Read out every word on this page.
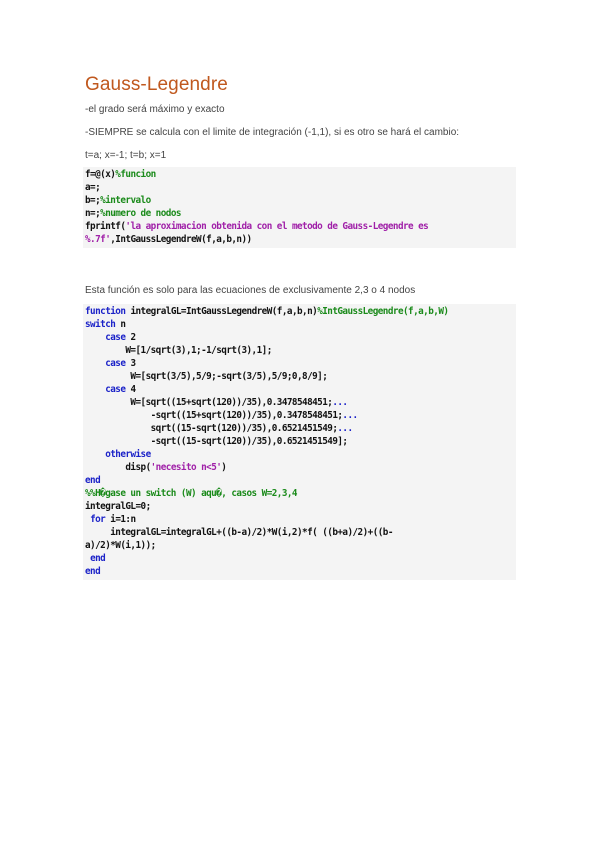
Gauss-Legendre

-el grado será máximo y exacto

-SIEMPRE se calcula con el limite de integración (-1,1), si es otro se hará el cambio:

t=a; x=-1; t=b; x=1

f=@(x)%funcion
a=;
b=;%intervalo
n=;%numero de nodos
fprintf('la aproximacion obtenida con el metodo de Gauss-Legendre es
%.7f',IntGaussLegendreW(f,a,b,n))

Esta función es solo para las ecuaciones de exclusivamente 2,3 o 4 nodos

function integralGL=IntGaussLegendreW(f,a,b,n)%IntGaussLegendre(f,a,b,W)
switch n
case 2
W=[1/sqrt(3),1;-1/sqrt(3),1];
case 3
W=[sqrt(3/5),5/9;-sqrt(3/5),5/9;0,8/9];
case 4
W=[sqrt((15+sqrt(120))/35),0.3478548451;...
-sqrt((15+sqrt(120))/35),0.3478548451;...
sqrt((15-sqrt(120))/35),0.6521451549;...
-sqrt((15-sqrt(120))/35),0.6521451549];
otherwise
disp('necesito n<5')
end
%%H�gase un switch (W) aqu�, casos W=2,3,4
integralGL=0;
for i=1:n
integralGL=integralGL+((b-a)/2)*W(i,2)*f( ((b+a)/2)+((b-
a)/2)*W(i,1));
end
end
